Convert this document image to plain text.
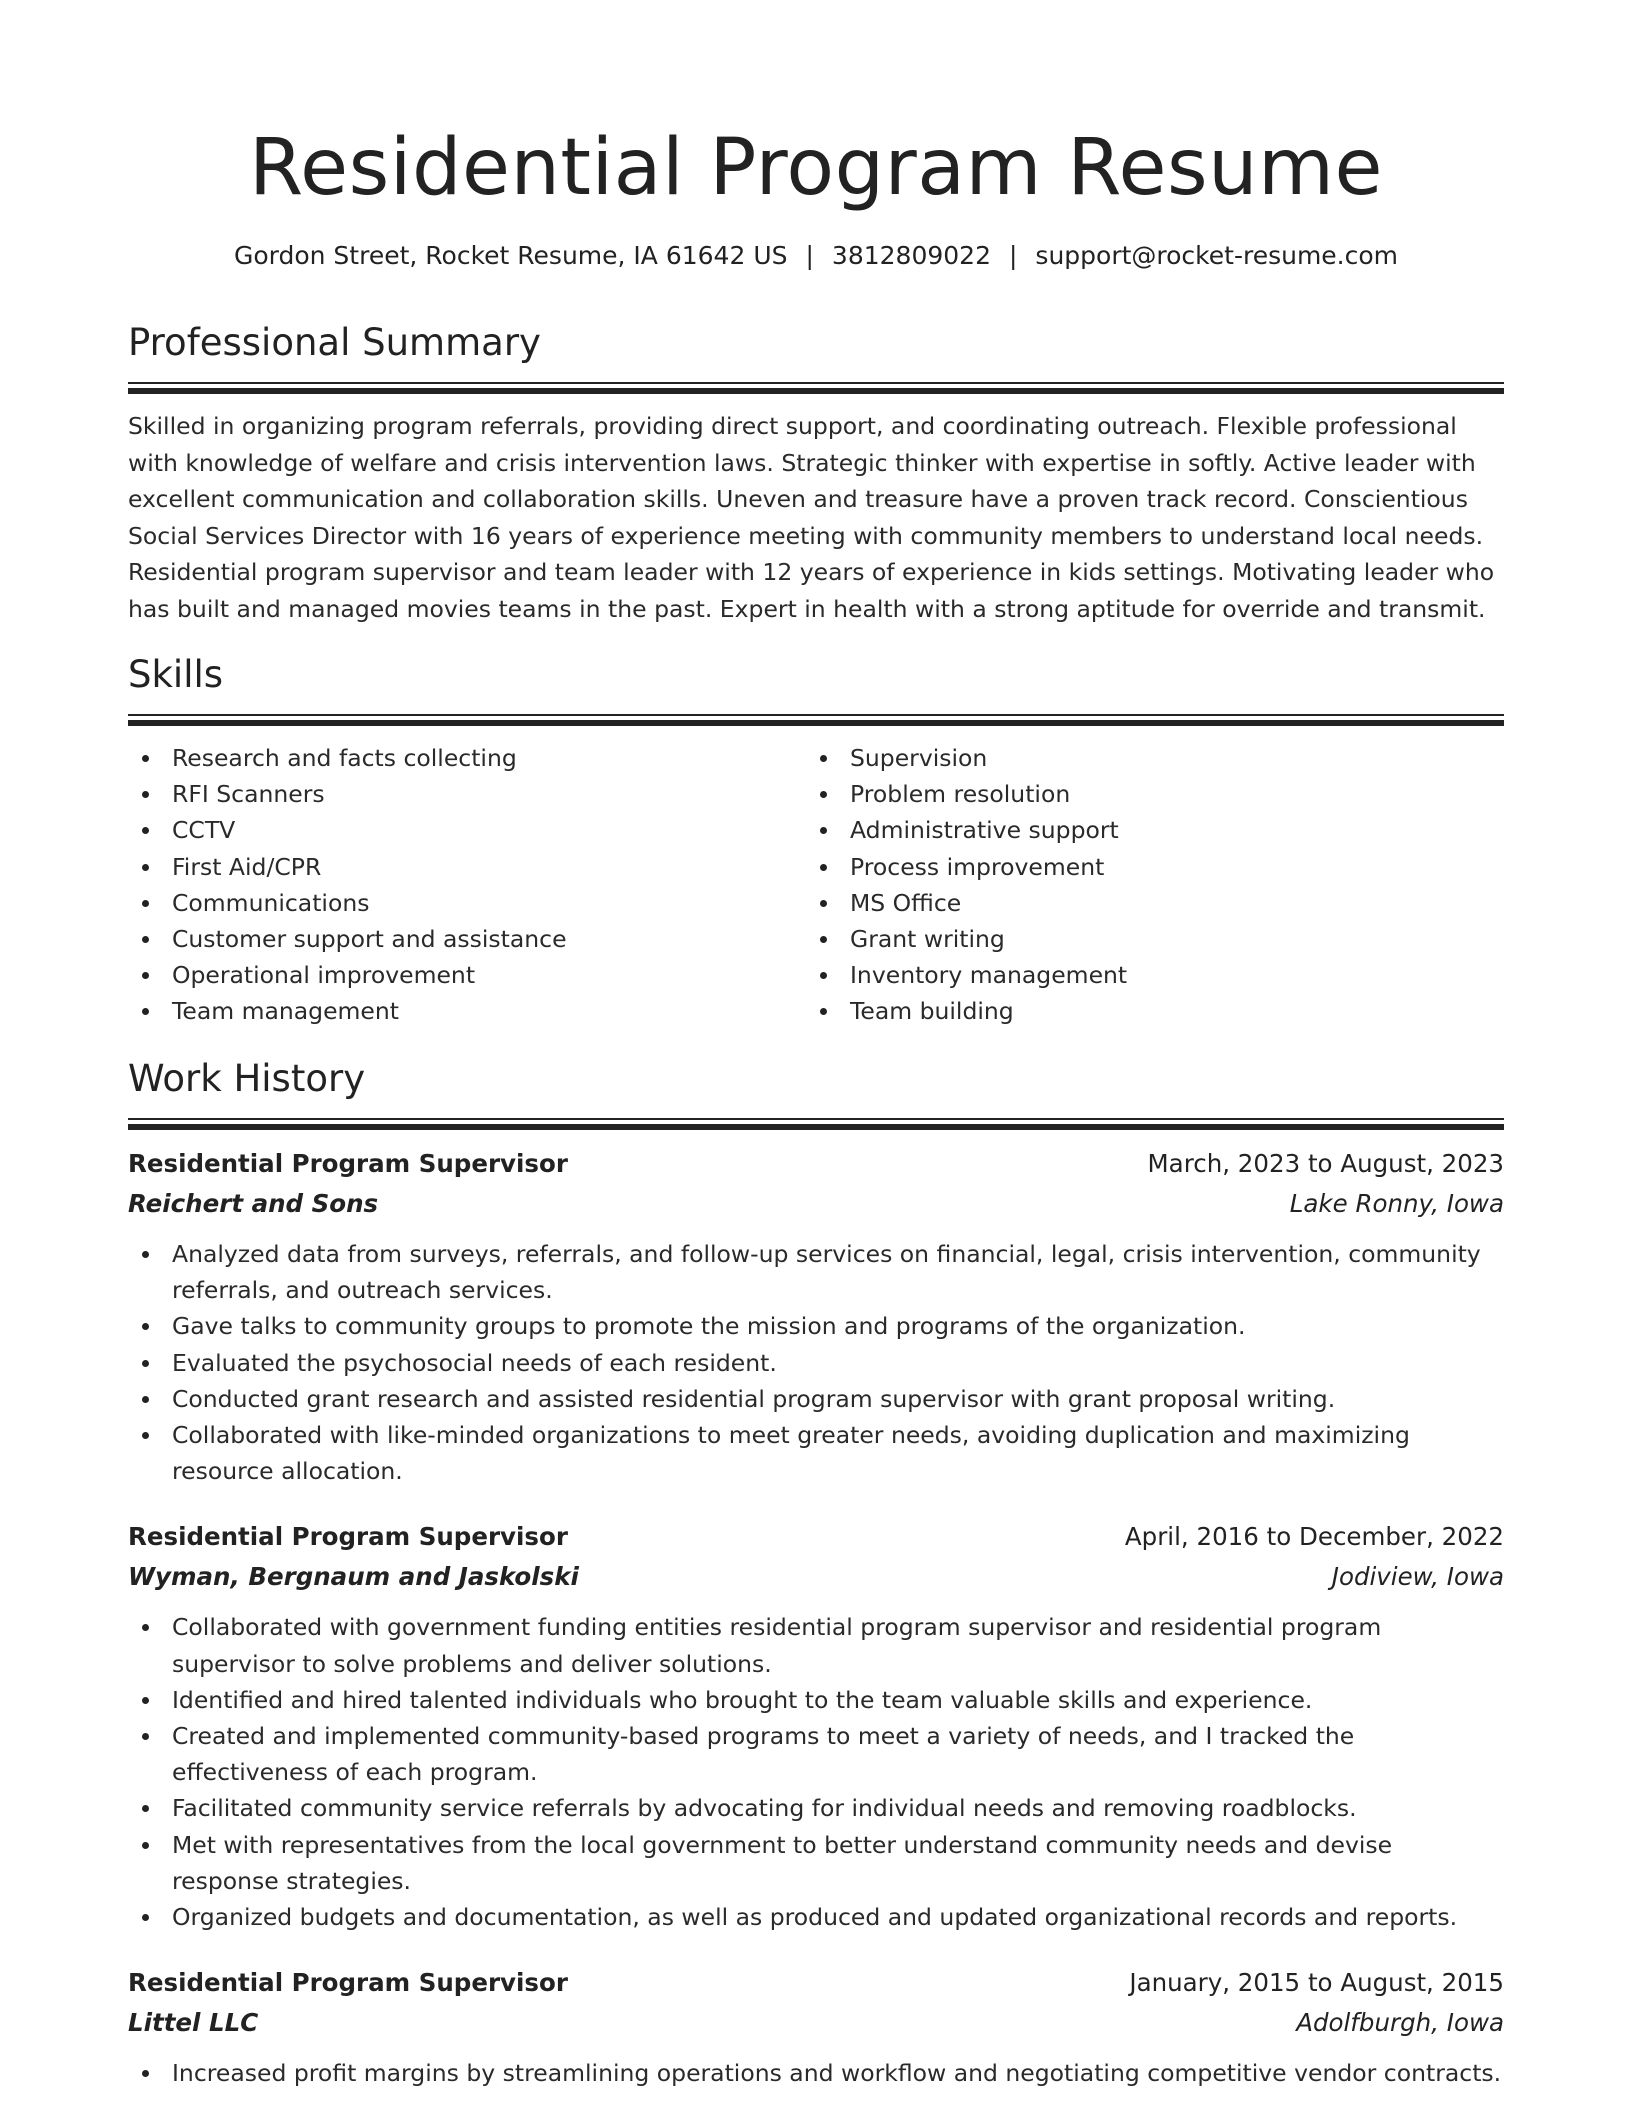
Residential Program Resume
Gordon Street, Rocket Resume, IA 61642 US | 3812809022 | support@rocket-resume.com
Professional Summary

Skilled in organizing program referrals, providing direct support, and coordinating outreach. Flexible professional with knowledge of welfare and crisis intervention laws. Strategic thinker with expertise in softly. Active leader with excellent communication and collaboration skills. Uneven and treasure have a proven track record. Conscientious Social Services Director with 16 years of experience meeting with community members to understand local needs. Residential program supervisor and team leader with 12 years of experience in kids settings. Motivating leader who has built and managed movies teams in the past. Expert in health with a strong aptitude for override and transmit.

Skills
Research and facts collecting
RFI Scanners
CCTV
First Aid/CPR
Communications
Customer support and assistance
Operational improvement
Team management
Supervision
Problem resolution
Administrative support
Process improvement
MS Office
Grant writing
Inventory management
Team building
Work History
Residential Program Supervisor	March, 2023 to August, 2023
Reichert and Sons	Lake Ronny, Iowa
Analyzed data from surveys, referrals, and follow-up services on financial, legal, crisis intervention, community referrals, and outreach services.
Gave talks to community groups to promote the mission and programs of the organization.
Evaluated the psychosocial needs of each resident.
Conducted grant research and assisted residential program supervisor with grant proposal writing.
Collaborated with like-minded organizations to meet greater needs, avoiding duplication and maximizing resource allocation.
Residential Program Supervisor	April, 2016 to December, 2022
Wyman, Bergnaum and Jaskolski	Jodiview, Iowa
Collaborated with government funding entities residential program supervisor and residential program supervisor to solve problems and deliver solutions.
Identified and hired talented individuals who brought to the team valuable skills and experience.
Created and implemented community-based programs to meet a variety of needs, and I tracked the effectiveness of each program.
Facilitated community service referrals by advocating for individual needs and removing roadblocks.
Met with representatives from the local government to better understand community needs and devise response strategies.
Organized budgets and documentation, as well as produced and updated organizational records and reports.
Residential Program Supervisor	January, 2015 to August, 2015
Littel LLC	Adolfburgh, Iowa
Increased profit margins by streamlining operations and workflow and negotiating competitive vendor contracts.
